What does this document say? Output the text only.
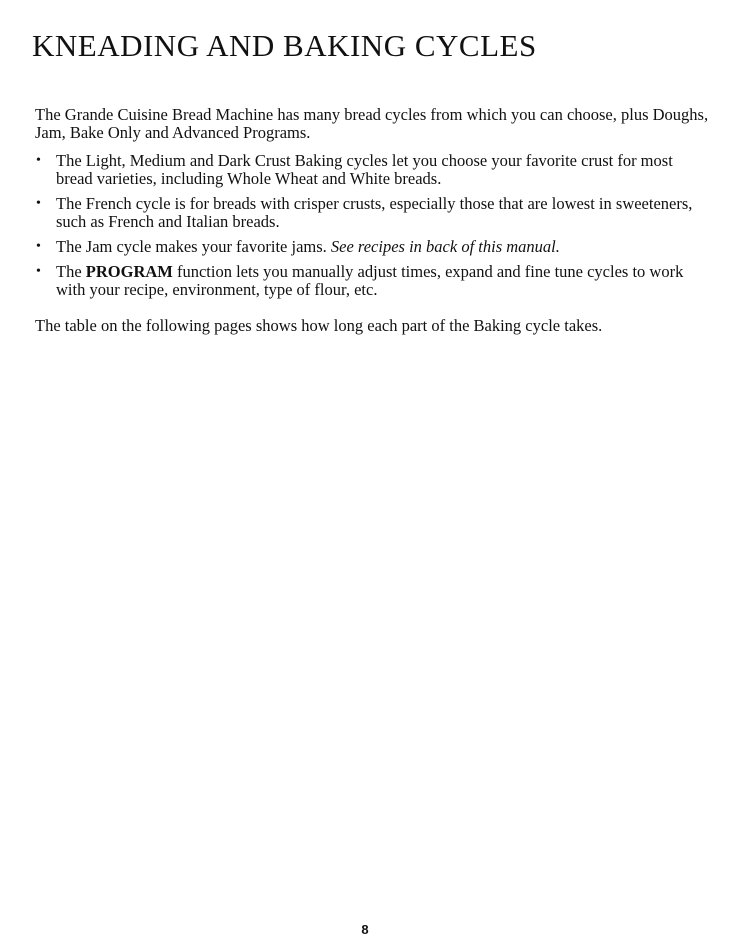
KNEADING AND BAKING CYCLES

The Grande Cuisine Bread Machine has many bread cycles from which you can choose, plus Doughs, Jam, Bake Only and Advanced Programs.

• The Light, Medium and Dark Crust Baking cycles let you choose your favorite crust for most bread varieties, including Whole Wheat and White breads.
• The French cycle is for breads with crisper crusts, especially those that are lowest in sweeteners, such as French and Italian breads.
• The Jam cycle makes your favorite jams. See recipes in back of this manual.
• The PROGRAM function lets you manually adjust times, expand and fine tune cycles to work with your recipe, environment, type of flour, etc.

The table on the following pages shows how long each part of the Baking cycle takes.

8
